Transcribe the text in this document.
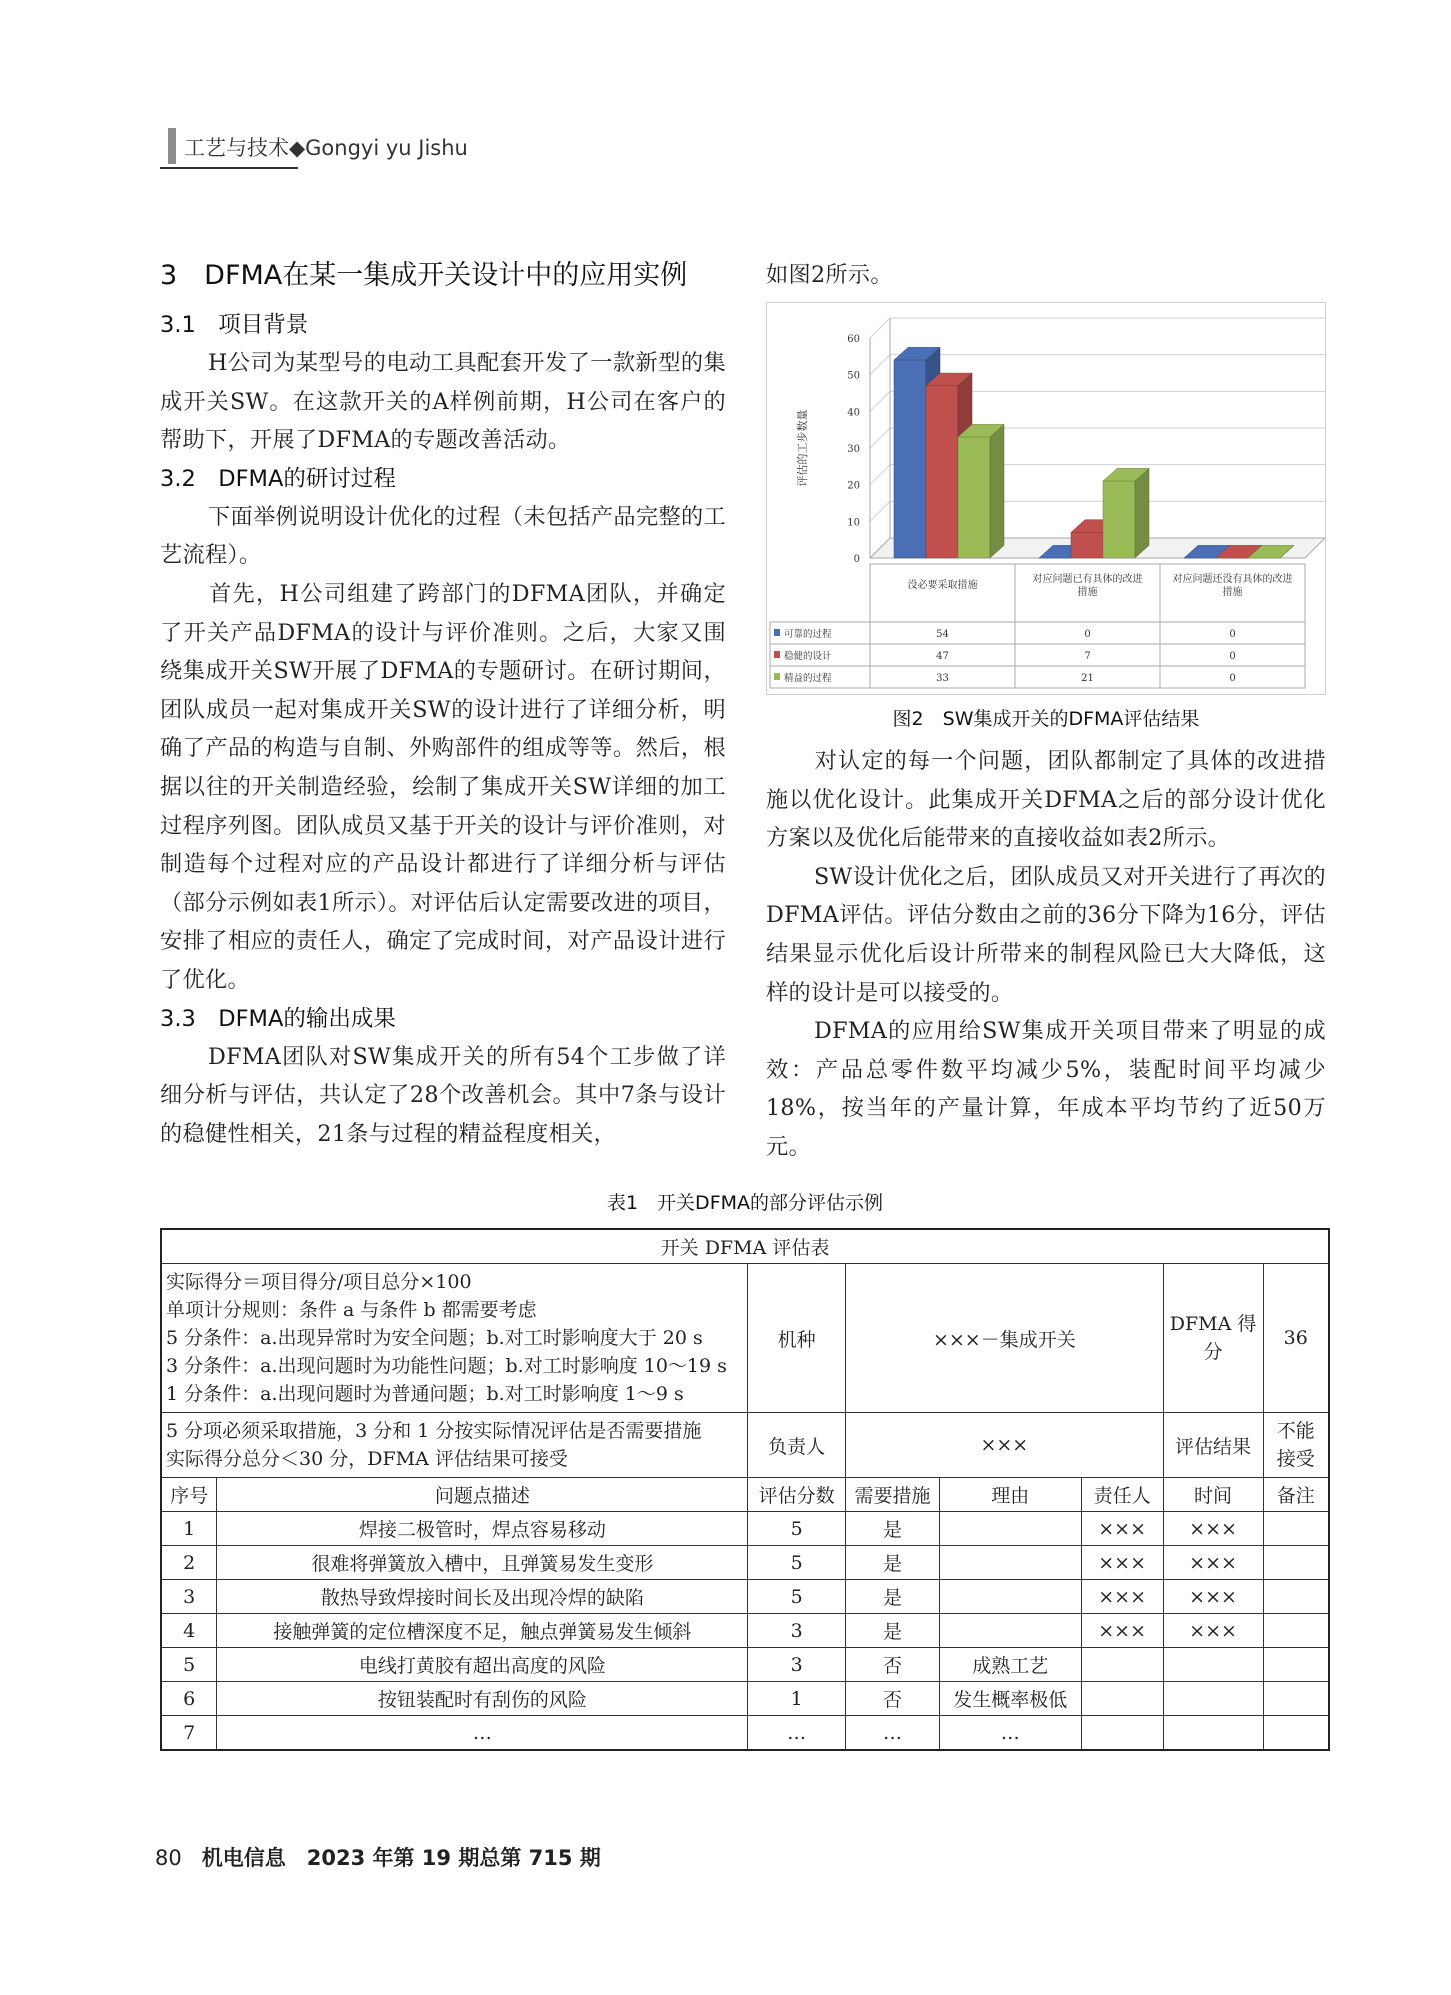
工艺与技术◆Gongyi yu Jishu
3　DFMA在某一集成开关设计中的应用实例
3.1　项目背景
H公司为某型号的电动工具配套开发了一款新型的集成开关SW。在这款开关的A样例前期，H公司在客户的帮助下，开展了DFMA的专题改善活动。
3.2　DFMA的研讨过程
下面举例说明设计优化的过程（未包括产品完整的工艺流程）。
首先，H公司组建了跨部门的DFMA团队，并确定了开关产品DFMA的设计与评价准则。之后，大家又围绕集成开关SW开展了DFMA的专题研讨。在研讨期间，团队成员一起对集成开关SW的设计进行了详细分析，明确了产品的构造与自制、外购部件的组成等等。然后，根据以往的开关制造经验，绘制了集成开关SW详细的加工过程序列图。团队成员又基于开关的设计与评价准则，对制造每个过程对应的产品设计都进行了详细分析与评估（部分示例如表1所示）。对评估后认定需要改进的项目，安排了相应的责任人，确定了完成时间，对产品设计进行了优化。
3.3　DFMA的输出成果
DFMA团队对SW集成开关的所有54个工步做了详细分析与评估，共认定了28个改善机会。其中7条与设计的稳健性相关，21条与过程的精益程度相关，
如图2所示。
0
10
20
30
40
50
60
评估的工步数量
没必要采取措施
对应问题已有具体的改进
措施
对应问题还没有具体的改进
措施
可靠的过程	54	0	0
稳健的设计	47	7	0
精益的过程	33	21	0
图2　SW集成开关的DFMA评估结果
对认定的每一个问题，团队都制定了具体的改进措施以优化设计。此集成开关DFMA之后的部分设计优化方案以及优化后能带来的直接收益如表2所示。
SW设计优化之后，团队成员又对开关进行了再次的DFMA评估。评估分数由之前的36分下降为16分，评估结果显示优化后设计所带来的制程风险已大大降低，这样的设计是可以接受的。
DFMA的应用给SW集成开关项目带来了明显的成效：产品总零件数平均减少5%，装配时间平均减少18%，按当年的产量计算，年成本平均节约了近50万元。
表1　开关DFMA的部分评估示例
开关 DFMA 评估表							

实际得分＝项目得分/项目总分×100
单项计分规则：条件 a 与条件 b 都需要考虑
5 分条件：a.出现异常时为安全问题；b.对工时影响度大于 20 s
3 分条件：a.出现问题时为功能性问题；b.对工时影响度 10～19 s
1 分条件：a.出现问题时为普通问题；b.对工时影响度 1～9 s		机种	×××－集成开关			DFMA 得分	36

5 分项必须采取措施，3 分和 1 分按实际情况评估是否需要措施
实际得分总分＜30 分，DFMA 评估结果可接受		负责人	×××			评估结果	不能接受
序号	问题点描述	评估分数	需要措施	理由	责任人	时间	备注
1	焊接二极管时，焊点容易移动	5	是		×××	×××	
2	很难将弹簧放入槽中，且弹簧易发生变形	5	是		×××	×××	
3	散热导致焊接时间长及出现冷焊的缺陷	5	是		×××	×××	
4	接触弹簧的定位槽深度不足，触点弹簧易发生倾斜	3	是		×××	×××	
5	电线打黄胶有超出高度的风险	3	否	成熟工艺			
6	按钮装配时有刮伤的风险	1	否	发生概率极低			
7	…	…	…	…			
80 机电信息　2023 年第 19 期总第 715 期
